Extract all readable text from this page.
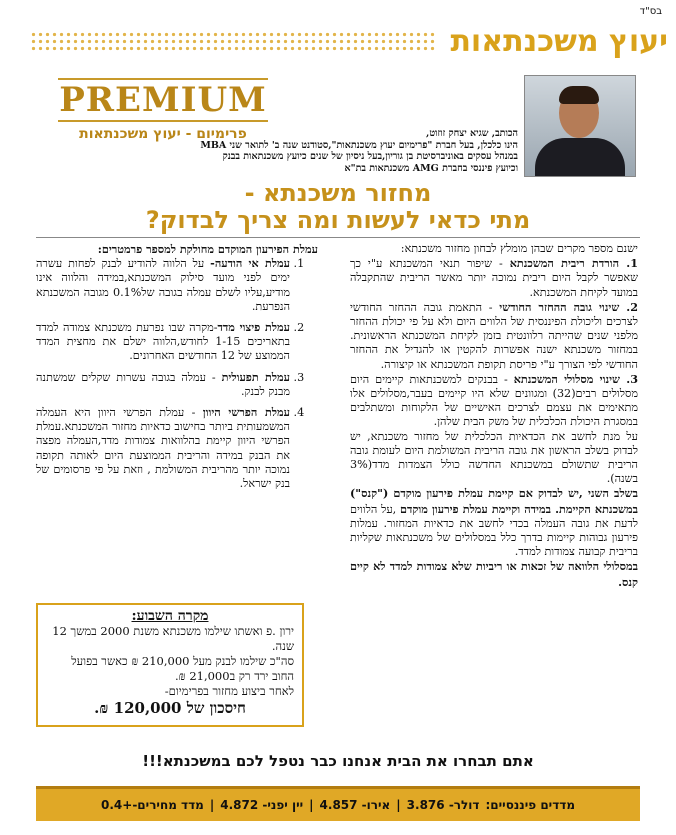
בס"ד
יעוץ משכנתאות
PREMIUM
פרימיום - יעוץ משכנתאות	הכותב, שגיא יצחק זוזוט,
הינו כלכלן, בעל חברת "פרימיום יעוץ משכנתאות",סטודנט שנה ב' לתואר שני MBA
במנהל עסקים באוניברסיטת בן גוריון,בעל ניסיון של שנים כיועץ משכנתאות בבנק
וכיועץ פיננסי בחברת AMG משכנתאות בת"א
מחזור משכנתא -
מתי כדאי לעשות ומה צריך לבדוק?

ישנם מספר מקרים שבהן מומלץ לבחון מחזור משכנתא:

1. הורדת ריבית המשכנתא - שיפור תנאי המשכנתא ע"י כך שאפשר לקבל היום ריבית נמוכה יותר מאשר הריבית שהתקבלה במועד לקיחת המשכנתא.

2. שינוי גובה ההחזר החודשי - התאמת גובה ההחזר החודשי לצרכים וליכולת הפיננסית של הלווים היום ולא על פי יכולת ההחזר מלפני שנים שהייתה רלוונטית בזמן לקיחת המשכנתא הראשונית. במחזור משכנתא ישנה אפשרות להקטין או להגדיל את ההחזר החודשי לפי הצורך ע"י פריסת תקופת המשכנתא או קיצורה.

3. שינוי מסלולי המשכנתא - בבנקים למשכנתאות קיימים היום מסלולים רבים(32) ומגוונים שלא היו קיימים בעבר,מסלולים אלו מתאימים את עצמם לצרכים האישיים של הלקוחות ומשתלבים במסגרת היכולת הכלכלית של משק הבית שלהן.

על מנת לחשב את הכדאיות הכלכלית של מחזור משכנתא, יש לבדוק בשלב הראשון את גובה הריבית המשולמת היום לעומת גובה הריבית שתשולם במשכנתא החדשה כולל הצמדות מדד(3% בשנה).

בשלב השני ,יש לבדוק אם קיימת עמלת פירעון מוקדם ("קנס") במשכנתא הקיימת. במידה וקיימת עמלת פירעון מוקדם ,על הלווים לדעת את גובה העמלה בכדי לחשב את כדאיות המחזור. עמלות פירעון גבוהות קיימות בדרך כלל במסלולים של משכנתאות שקליות בריבית קבועה צמודות למדד.

במסלולי הלוואה של זכאות או ריביות שלא צמודות למדד לא קיים קנס.

עמלת הפירעון המוקדם מחולקת למספר פרמטרים:
1. עמלת אי הודעה- על הלווה להודיע לבנק לפחות עשרה ימים לפני מועד סילוק המשכנתא,במידה והלווה אינו מודיע,עליו לשלם עמלה בגובה של0.1% מגובה המשכנתא הנפרעת.
2. עמלת פיצוי מדד-מקרה שבו נפרעת משכנתא צמודה למדד בתאריכים 1-15 לחודש,הלווה ישלם את מחצית המדד הממוצע של 12 החודשים האחרונים.
3. עמלת תפעולית - עמלה בגובה עשרות שקלים שמשתנה מבנק לבנק.
4. עמלת הפרשי היוון - עמלת הפרשי היוון היא העמלה המשמעותית ביותר בחישוב כדאיות מחזור המשכנתא.עמלת הפרשי היוון קיימת בהלוואות צמודות מדד,העמלה מפצה את הבנק במידה והריבית הממוצעת היום לאותה תקופה נמוכה יותר מהריבית המשולמת , וזאת על פי פרסומים של בנק ישראל.
מקרה השבוע:
ירון .פ ואשתו שילמו משכנתא משנת 2000 במשך 12 שנה.
סה"כ שילמו לבנק מעל 210,000 ₪ כאשר בפועל החוב ירד רק ב21,000 ₪.
לאחר ביצוע מחזור בפרימיום-
חיסכון של 120,000 ₪.
אתם תבחרו את הבית אנחנו כבר נטפל לכם במשכנתא!!!
מדדים פיננסיים:
דולר- 3.876
|
אירו- 4.857
|
יין יפני- 4.872
|
מדד מחירים-+0.4
